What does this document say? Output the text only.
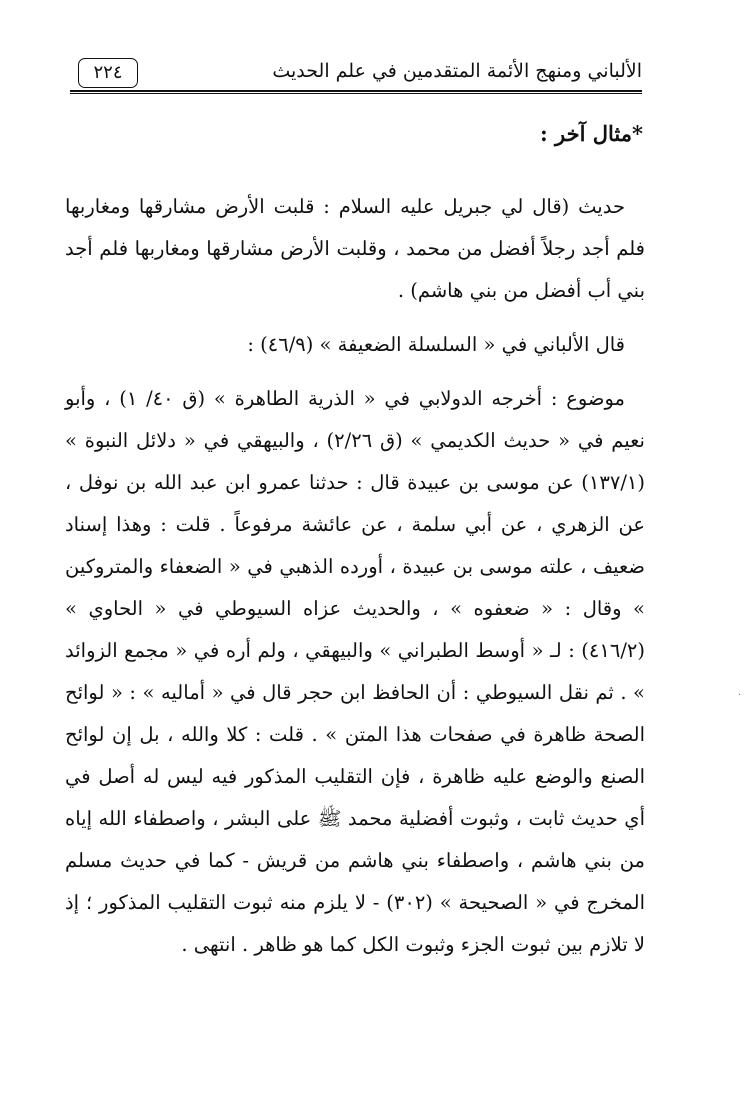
الألباني ومنهج الأئمة المتقدمين في علم الحديث
٢٢٤
*مثال آخر :

حديث (قال لي جبريل عليه السلام : قلبت الأرض مشارقها ومغاربها فلم أجد رجلاً أفضل من محمد ، وقلبت الأرض مشارقها ومغاربها فلم أجد بني أب أفضل من بني هاشم) .

قال الألباني في « السلسلة الضعيفة » (٤٦/٩) :

موضوع : أخرجه الدولابي في « الذرية الطاهرة » (ق ٤٠/ ١) ، وأبو نعيم في « حديث الكديمي » (ق ٢/٢٦) ، والبيهقي في « دلائل النبوة » (١٣٧/١) عن موسى بن عبيدة قال : حدثنا عمرو ابن عبد الله بن نوفل ، عن الزهري ، عن أبي سلمة ، عن عائشة مرفوعاً . قلت : وهذا إسناد ضعيف ، علته موسى بن عبيدة ، أورده الذهبي في « الضعفاء والمتروكين » وقال : « ضعفوه » ، والحديث عزاه السيوطي في « الحاوي » (٤١٦/٢) : لـ « أوسط الطبراني » والبيهقي ، ولم أره في « مجمع الزوائد » . ثم نقل السيوطي : أن الحافظ ابن حجر قال في « أماليه » : « لوائح الصحة ظاهرة في صفحات هذا المتن » . قلت : كلا والله ، بل إن لوائح الصنع والوضع عليه ظاهرة ، فإن التقليب المذكور فيه ليس له أصل في أي حديث ثابت ، وثبوت أفضلية محمد ﷺ على البشر ، واصطفاء الله إياه من بني هاشم ، واصطفاء بني هاشم من قريش - كما في حديث مسلم المخرج في « الصحيحة » (٣٠٢) - لا يلزم منه ثبوت التقليب المذكور ؛ إذ لا تلازم بين ثبوت الجزء وثبوت الكل كما هو ظاهر . انتهى .

·
